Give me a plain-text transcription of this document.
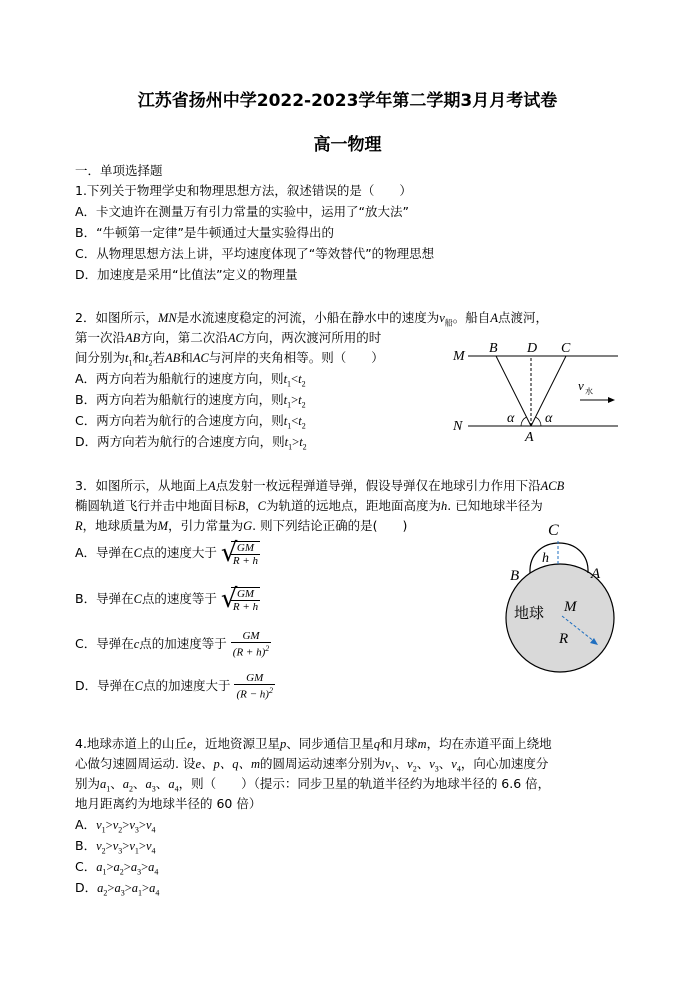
江苏省扬州中学2022-2023学年第二学期3月月考试卷
高一物理
一．单项选择题
1.下列关于物理学史和物理思想方法，叙述错误的是（　　）
A．卡文迪许在测量万有引力常量的实验中，运用了“放大法”
B．“牛顿第一定律”是牛顿通过大量实验得出的
C．从物理思想方法上讲，平均速度体现了“等效替代”的物理思想
D．加速度是采用“比值法”定义的物理量
2．如图所示，MN是水流速度稳定的河流，小船在静水中的速度为$v_船$。船自A点渡河，
第一次沿AB方向，第二次沿AC方向，两次渡河所用的时
间分别为$t_1$和$t_2$若AB和AC与河岸的夹角相等。则（　　）
A．两方向若为船航行的速度方向，则$t_1<t_2$
B．两方向若为船航行的速度方向，则$t_1>t_2$
C．两方向若为航行的合速度方向，则$t_1<t_2$
D．两方向若为航行的合速度方向，则$t_1>t_2$
M
N
B D C
A
α α
v 水
3．如图所示，从地面上A点发射一枚远程弹道导弹，假设导弹仅在地球引力作用下沿ACB
椭圆轨道飞行并击中地面目标B，C为轨道的远地点，距地面高度为h. 已知地球半径为
R，地球质量为M，引力常量为G. 则下列结论正确的是(　　)
A．导弹在C点的速度大于 √
$\frac{GM}{R + h}$
B．导弹在C点的速度等于 √
$\frac{GM}{R + h}$
C．导弹在c点的加速度等于 $\frac{GM}{(R + h)^2}$
D．导弹在C点的加速度大于 $\frac{GM}{(R - h)^2}$
C
h
B	A
地球 M
R
4.地球赤道上的山丘e，近地资源卫星p、同步通信卫星q和月球m，均在赤道平面上绕地
心做匀速圆周运动. 设e、p、q、m的圆周运动速率分别为$v_1$、$v_2$、$v_3$、$v_4$，向心加速度分
别为$a_1$、$a_2$、$a_3$、$a_4$，则（　　）（提示：同步卫星的轨道半径约为地球半径的 6.6 倍，
地月距离约为地球半径的 60 倍）
A．$v_1>v_2>v_3>v_4$
B．$v_2>v_3>v_1>v_4$
C．$a_1>a_2>a_3>a_4$
D．$a_2>a_3>a_1>a_4$
